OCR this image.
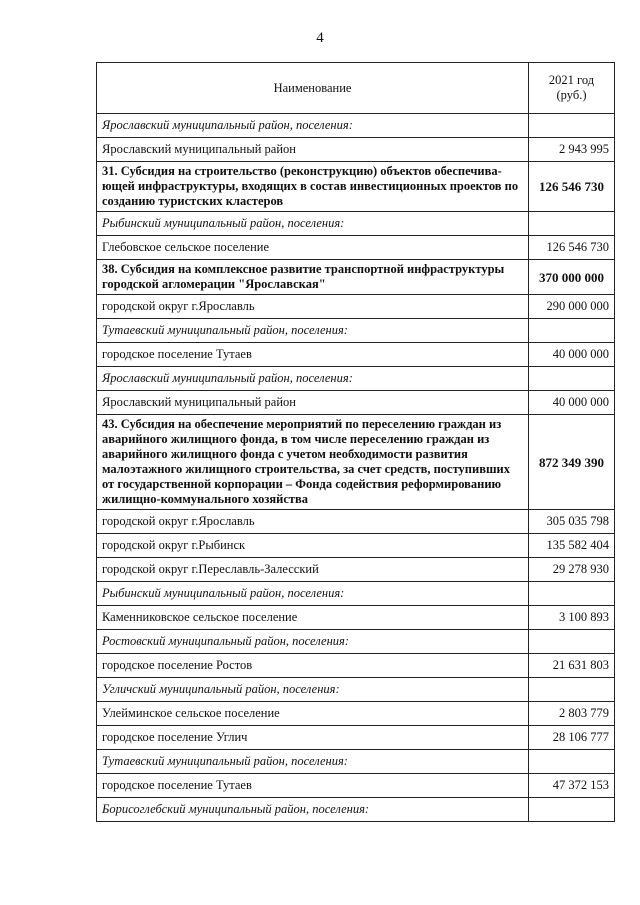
4
Наименование	2021 год
(руб.)
Ярославский муниципальный район, поселения:	
Ярославский муниципальный район	2 943 995
31. Субсидия на строительство (реконструкцию) объектов обеспечива-ющей инфраструктуры, входящих в состав инвестиционных проектов по созданию туристских кластеров	126 546 730
Рыбинский муниципальный район, поселения:	
Глебовское сельское поселение	126 546 730
38. Субсидия на комплексное развитие транспортной инфраструктуры городской агломерации "Ярославская"	370 000 000
городской округ г.Ярославль	290 000 000
Тутаевский муниципальный район, поселения:	
городское поселение Тутаев	40 000 000
Ярославский муниципальный район, поселения:	
Ярославский муниципальный район	40 000 000
43. Субсидия на обеспечение мероприятий по переселению граждан из аварийного жилищного фонда, в том числе переселению граждан из аварийного жилищного фонда с учетом необходимости развития малоэтажного жилищного строительства, за счет средств, поступивших от государственной корпорации – Фонда содействия реформированию жилищно-коммунального хозяйства	872 349 390
городской округ г.Ярославль	305 035 798
городской округ г.Рыбинск	135 582 404
городской округ г.Переславль-Залесский	29 278 930
Рыбинский муниципальный район, поселения:	
Каменниковское сельское поселение	3 100 893
Ростовский муниципальный район, поселения:	
городское поселение Ростов	21 631 803
Угличский муниципальный район, поселения:	
Улейминское сельское поселение	2 803 779
городское поселение Углич	28 106 777
Тутаевский муниципальный район, поселения:	
городское поселение Тутаев	47 372 153
Борисоглебский муниципальный район, поселения:	
